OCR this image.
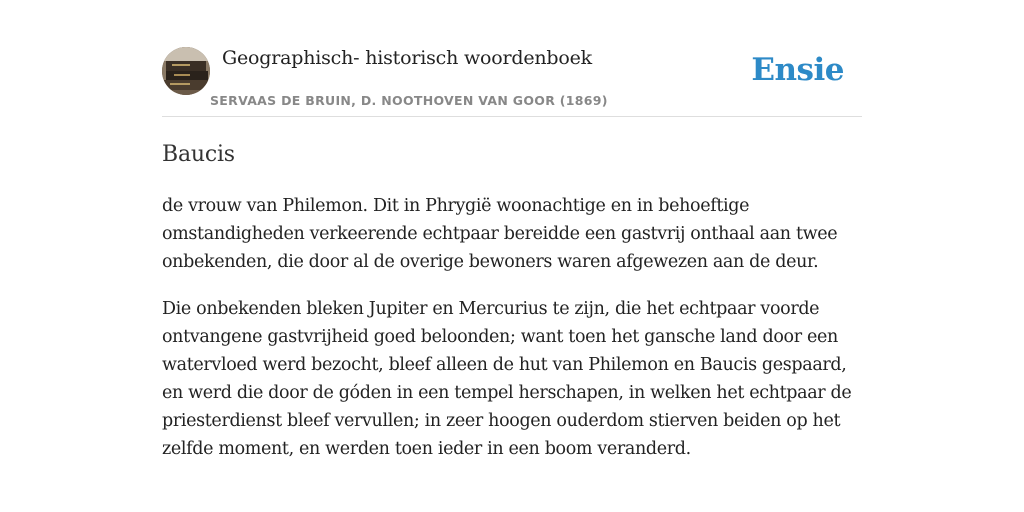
Geographisch- historisch woordenboek
SERVAAS DE BRUIN, D. NOOTHOVEN VAN GOOR (1869)
Ensie
Baucis

de vrouw van Philemon. Dit in Phrygië woonachtige en in behoeftige omstandigheden verkeerende echtpaar bereidde een gastvrij onthaal aan twee onbekenden, die door al de overige bewoners waren afgewezen aan de deur.

Die onbekenden bleken Jupiter en Mercurius te zijn, die het echtpaar voorde ontvangene gastvrijheid goed beloonden; want toen het gansche land door een watervloed werd bezocht, bleef alleen de hut van Philemon en Baucis gespaard, en werd die door de góden in een tempel herschapen, in welken het echtpaar de priesterdienst bleef vervullen; in zeer hoogen ouderdom stierven beiden op het zelfde moment, en werden toen ieder in een boom veranderd.
